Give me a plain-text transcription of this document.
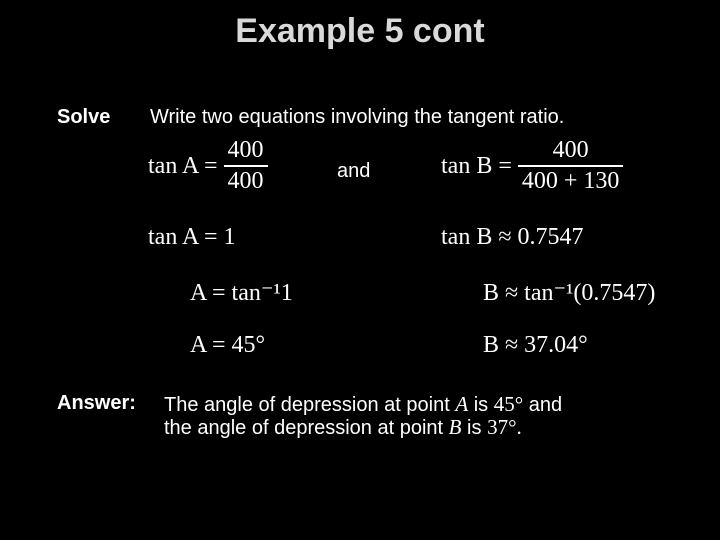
Example 5 cont
Solve Write two equations involving the tangent ratio.
$\tan A = \frac{400}{400}$	and	$\tan B = \frac{400}{400 + 130}$
tan A = 1
A = tan⁻¹1
A = 45°
tan B ≈ 0.7547
B ≈ tan⁻¹(0.7547)
B ≈ 37.04°
Answer: The angle of depression at point A is 45° and
the angle of depression at point B is 37°.
